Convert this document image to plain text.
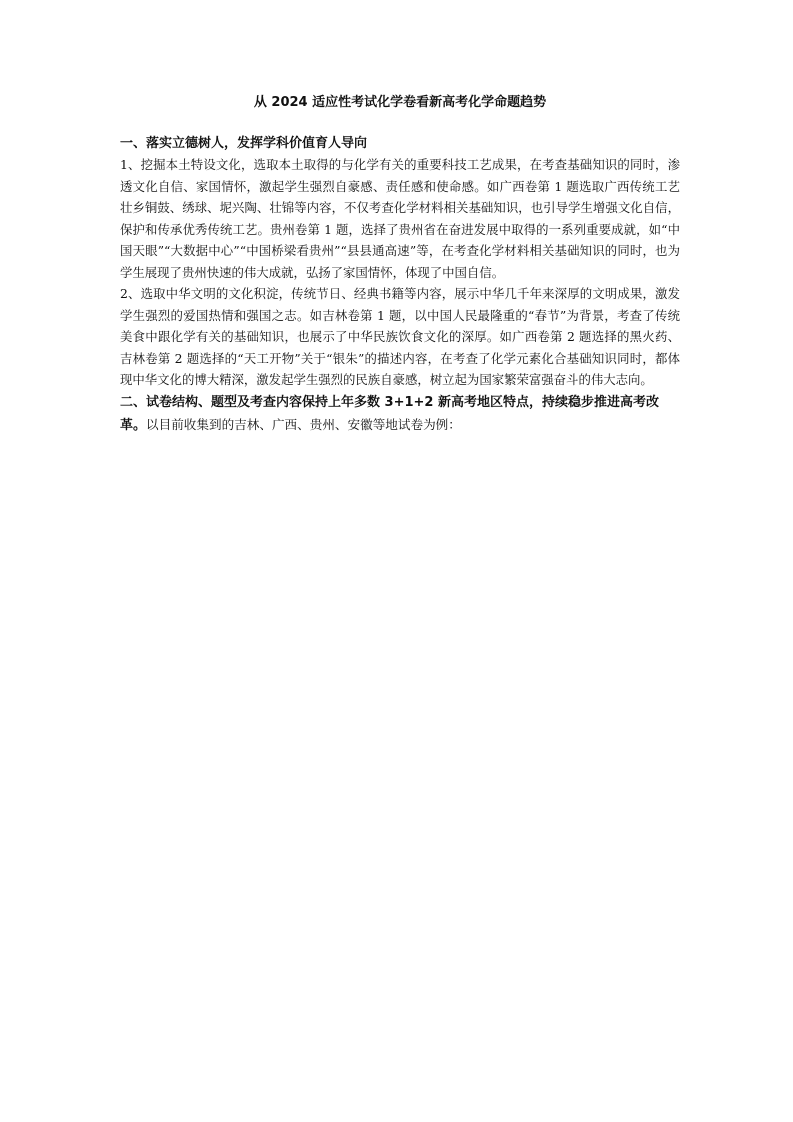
从 2024 适应性考试化学卷看新高考化学命题趋势
一、落实立德树人，发挥学科价值育人导向

1、挖掘本土特设文化，选取本土取得的与化学有关的重要科技工艺成果，在考查基础知识的同时，渗透文化自信、家国情怀，激起学生强烈自豪感、责任感和使命感。如广西卷第 1 题选取广西传统工艺壮乡铜鼓、绣球、坭兴陶、壮锦等内容，不仅考查化学材料相关基础知识，也引导学生增强文化自信，保护和传承优秀传统工艺。贵州卷第 1 题，选择了贵州省在奋进发展中取得的一系列重要成就，如“中国天眼”“大数据中心”“中国桥梁看贵州”“县县通高速”等，在考查化学材料相关基础知识的同时，也为学生展现了贵州快速的伟大成就，弘扬了家国情怀，体现了中国自信。

2、选取中华文明的文化积淀，传统节日、经典书籍等内容，展示中华几千年来深厚的文明成果，激发学生强烈的爱国热情和强国之志。如吉林卷第 1 题，以中国人民最隆重的“春节”为背景，考查了传统美食中跟化学有关的基础知识，也展示了中华民族饮食文化的深厚。如广西卷第 2 题选择的黑火药、吉林卷第 2 题选择的“天工开物”关于“银朱”的描述内容，在考查了化学元素化合基础知识同时，都体现中华文化的博大精深，激发起学生强烈的民族自豪感，树立起为国家繁荣富强奋斗的伟大志向。

二、试卷结构、题型及考查内容保持上年多数 3+1+2 新高考地区特点，持续稳步推进高考改革。以目前收集到的吉林、广西、贵州、安徽等地试卷为例：
